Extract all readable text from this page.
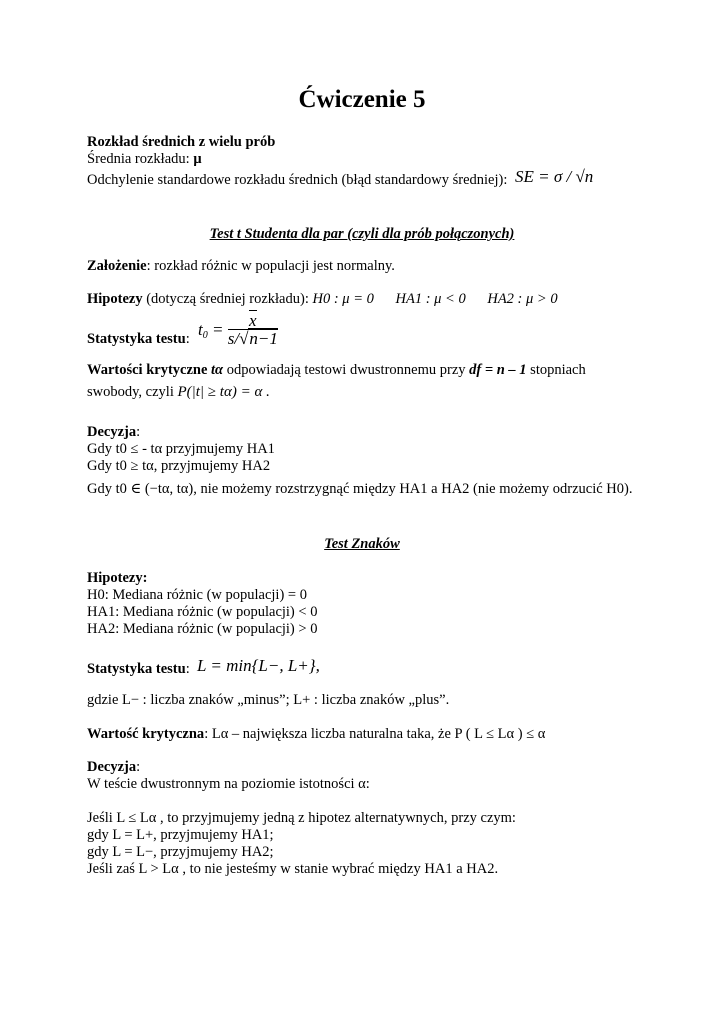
Ćwiczenie 5
Rozkład średnich z wielu prób
Średnia rozkładu: μ
Odchylenie standardowe rozkładu średnich (błąd standardowy średniej): SE = σ / √n
Test t Studenta dla par (czyli dla prób połączonych)
Założenie: rozkład różnic w populacji jest normalny.
Hipotezy (dotyczą średniej rozkładu): H0 : μ = 0 HA1 : μ < 0 HA2 : μ > 0
Statystyka testu: $t_0 = \frac{x}{s/√n-1}$
Wartości krytyczne tα odpowiadają testowi dwustronnemu przy df = n – 1 stopniach
swobody, czyli P(|t| ≥ tα) = α .
Decyzja:
Gdy t0 ≤ - tα przyjmujemy HA1
Gdy t0 ≥ tα, przyjmujemy HA2
Gdy t0 ∈ (−tα, tα), nie możemy rozstrzygnąć między HA1 a HA2 (nie możemy odrzucić H0).
Test Znaków
Hipotezy:
H0: Mediana różnic (w populacji) = 0
HA1: Mediana różnic (w populacji) < 0
HA2: Mediana różnic (w populacji) > 0
Statystyka testu: L = min{L−, L+},
gdzie L− : liczba znaków „minus”; L+ : liczba znaków „plus”.
Wartość krytyczna: Lα – największa liczba naturalna taka, że P ( L ≤ Lα ) ≤ α
Decyzja:
W teście dwustronnym na poziomie istotności α:
Jeśli L ≤ Lα , to przyjmujemy jedną z hipotez alternatywnych, przy czym:
gdy L = L+, przyjmujemy HA1;
gdy L = L−, przyjmujemy HA2;
Jeśli zaś L > Lα , to nie jesteśmy w stanie wybrać między HA1 a HA2.
